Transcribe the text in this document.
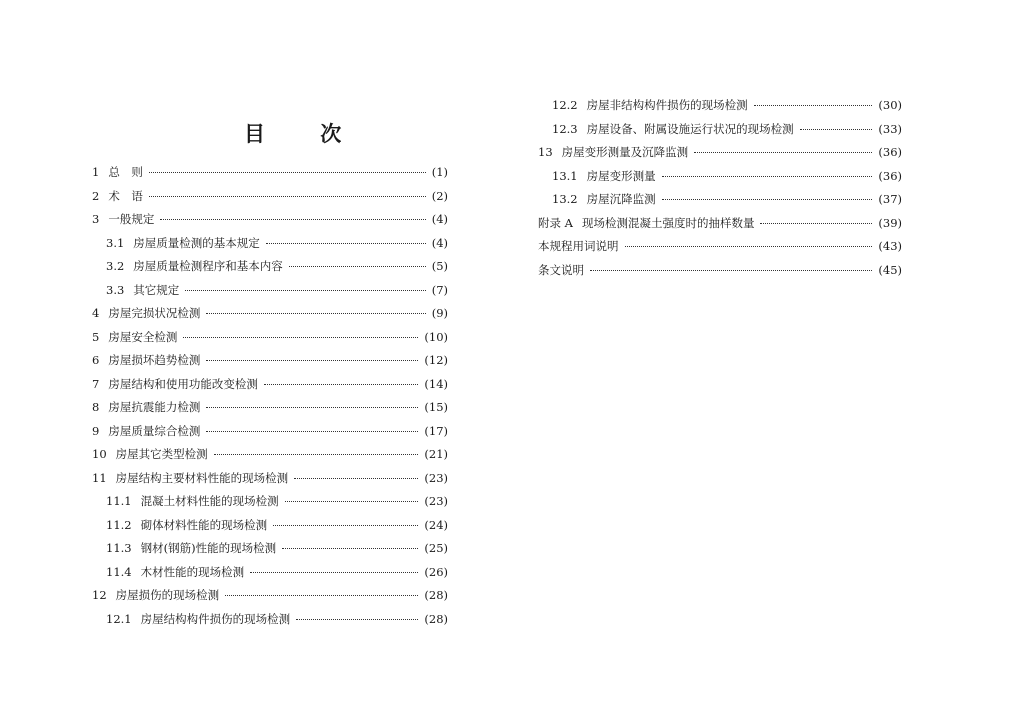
目 次
1 总　则	(1)
2 术　语	(2)
3 一般规定	(4)
3.1 房屋质量检测的基本规定	(4)
3.2 房屋质量检测程序和基本内容	(5)
3.3 其它规定	(7)
4 房屋完损状况检测	(9)
5 房屋安全检测	(10)
6 房屋损坏趋势检测	(12)
7 房屋结构和使用功能改变检测	(14)
8 房屋抗震能力检测	(15)
9 房屋质量综合检测	(17)
10 房屋其它类型检测	(21)
11 房屋结构主要材料性能的现场检测	(23)
11.1 混凝土材料性能的现场检测	(23)
11.2 砌体材料性能的现场检测	(24)
11.3 钢材(钢筋)性能的现场检测	(25)
11.4 木材性能的现场检测	(26)
12 房屋损伤的现场检测	(28)
12.1 房屋结构构件损伤的现场检测	(28)
12.2 房屋非结构构件损伤的现场检测	(30)
12.3 房屋设备、附属设施运行状况的现场检测	(33)
13 房屋变形测量及沉降监测	(36)
13.1 房屋变形测量	(36)
13.2 房屋沉降监测	(37)
附录 A 现场检测混凝土强度时的抽样数量	(39)
本规程用词说明	(43)
条文说明	(45)
